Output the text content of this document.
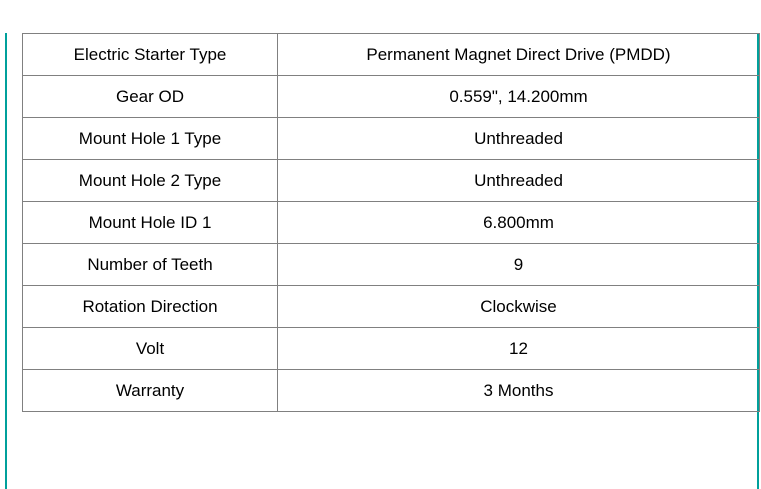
Electric Starter Type	Permanent Magnet Direct Drive (PMDD)
Gear OD	0.559", 14.200mm
Mount Hole 1 Type	Unthreaded
Mount Hole 2 Type	Unthreaded
Mount Hole ID 1	6.800mm
Number of Teeth	9
Rotation Direction	Clockwise
Volt	12
Warranty	3 Months
